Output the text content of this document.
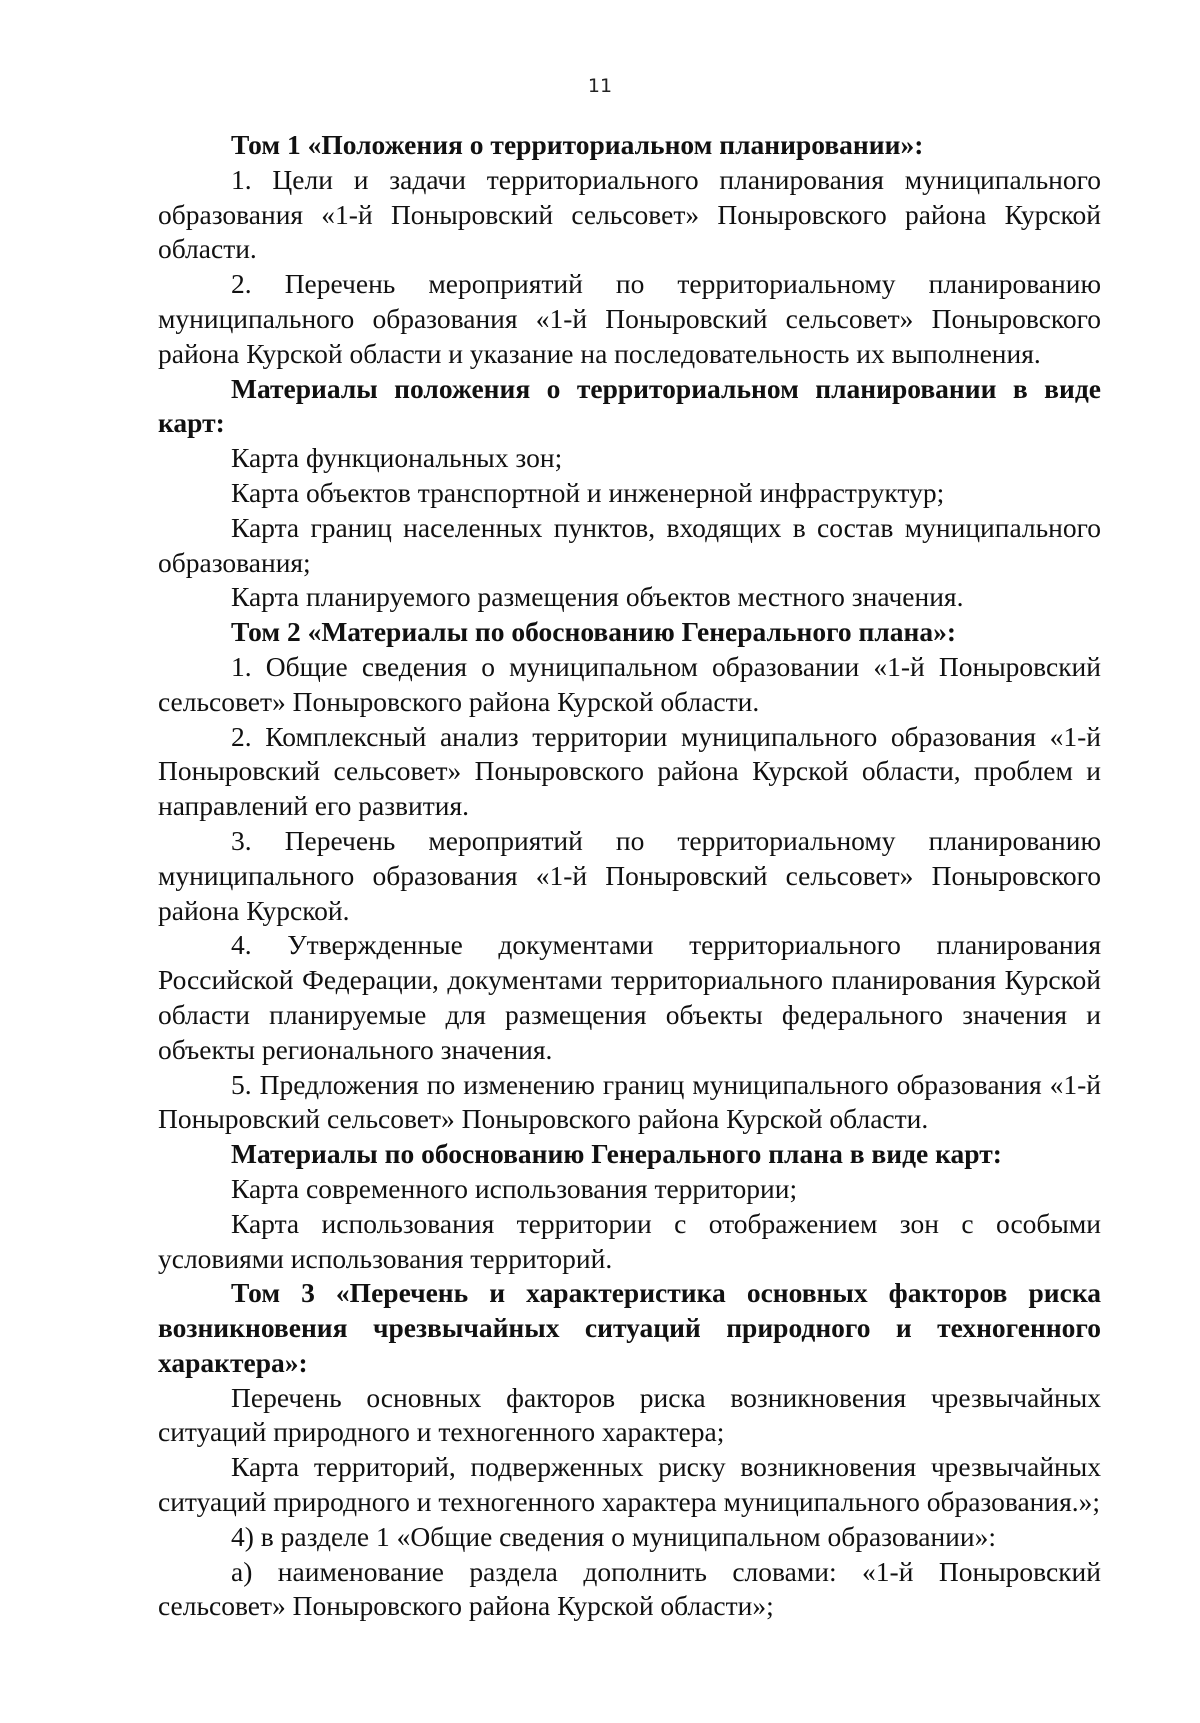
11

Том 1 «Положения о территориальном планировании»:

1. Цели и задачи территориального планирования муниципального образования «1-й Поныровский сельсовет» Поныровского района Курской области.

2. Перечень мероприятий по территориальному планированию муниципального образования «1-й Поныровский сельсовет» Поныровского района Курской области и указание на последовательность их выполнения.

Материалы положения о территориальном планировании в виде карт:

Карта функциональных зон;

Карта объектов транспортной и инженерной инфраструктур;

Карта границ населенных пунктов, входящих в состав муниципального образования;

Карта планируемого размещения объектов местного значения.

Том 2 «Материалы по обоснованию Генерального плана»:

1. Общие сведения о муниципальном образовании «1-й Поныровский сельсовет» Поныровского района Курской области.

2. Комплексный анализ территории муниципального образования «1-й Поныровский сельсовет» Поныровского района Курской области, проблем и направлений его развития.

3. Перечень мероприятий по территориальному планированию муниципального образования «1-й Поныровский сельсовет» Поныровского района Курской.

4. Утвержденные документами территориального планирования Российской Федерации, документами территориального планирования Курской области планируемые для размещения объекты федерального значения и объекты регионального значения.

5. Предложения по изменению границ муниципального образования «1-й Поныровский сельсовет» Поныровского района Курской области.

Материалы по обоснованию Генерального плана в виде карт:

Карта современного использования территории;

Карта использования территории с отображением зон с особыми условиями использования территорий.

Том 3 «Перечень и характеристика основных факторов риска возникновения чрезвычайных ситуаций природного и техногенного характера»:

Перечень основных факторов риска возникновения чрезвычайных ситуаций природного и техногенного характера;

Карта территорий, подверженных риску возникновения чрезвычайных ситуаций природного и техногенного характера муниципального образования.»;

4) в разделе 1 «Общие сведения о муниципальном образовании»:

а) наименование раздела дополнить словами: «1-й Поныровский сельсовет» Поныровского района Курской области»;
